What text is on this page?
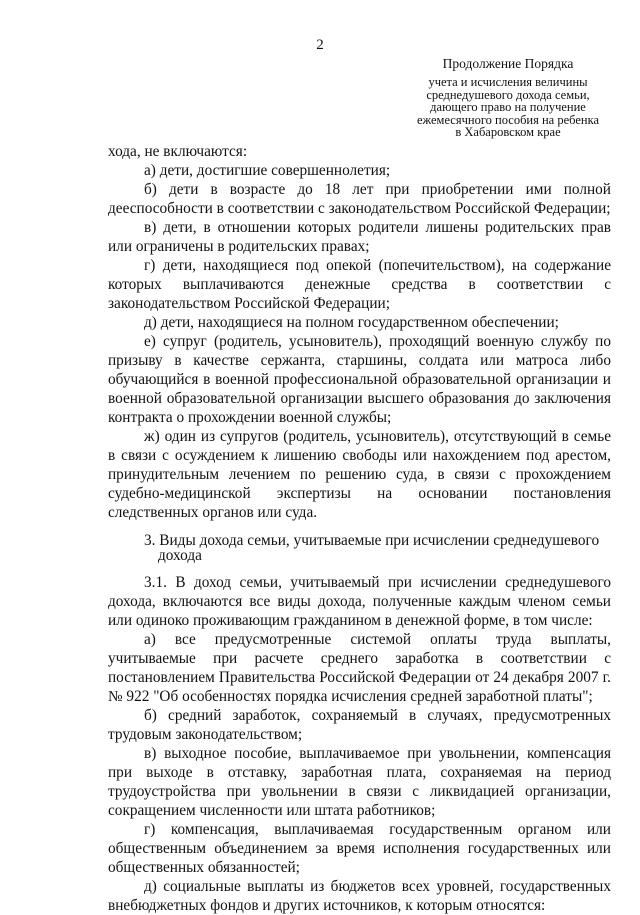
2
Продолжение Порядка
учета и исчисления величины
среднедушевого дохода семьи,
дающего право на получение
ежемесячного пособия на ребенка
в Хабаровском крае

хода, не включаются:

а) дети, достигшие совершеннолетия;

б) дети в возрасте до 18 лет при приобретении ими полной дееспособности в соответствии с законодательством Российской Федерации;

в) дети, в отношении которых родители лишены родительских прав или ограничены в родительских правах;

г) дети, находящиеся под опекой (попечительством), на содержание которых выплачиваются денежные средства в соответствии с законодательством Российской Федерации;

д) дети, находящиеся на полном государственном обеспечении;

е) супруг (родитель, усыновитель), проходящий военную службу по призыву в качестве сержанта, старшины, солдата или матроса либо обучающийся в военной профессиональной образовательной организации и военной образовательной организации высшего образования до заключения контракта о прохождении военной службы;

ж) один из супругов (родитель, усыновитель), отсутствующий в семье в связи с осуждением к лишению свободы или нахождением под арестом, принудительным лечением по решению суда, в связи с прохождением судебно-медицинской экспертизы на основании постановления следственных органов или суда.

3. Виды дохода семьи, учитываемые при исчислении среднедушевого
дохода

3.1. В доход семьи, учитываемый при исчислении среднедушевого дохода, включаются все виды дохода, полученные каждым членом семьи или одиноко проживающим гражданином в денежной форме, в том числе:

а) все предусмотренные системой оплаты труда выплаты, учитываемые при расчете среднего заработка в соответствии с постановлением Правительства Российской Федерации от 24 декабря 2007 г. № 922 "Об особенностях порядка исчисления средней заработной платы";

б) средний заработок, сохраняемый в случаях, предусмотренных трудовым законодательством;

в) выходное пособие, выплачиваемое при увольнении, компенсация при выходе в отставку, заработная плата, сохраняемая на период трудоустройства при увольнении в связи с ликвидацией организации, сокращением численности или штата работников;

г) компенсация, выплачиваемая государственным органом или общественным объединением за время исполнения государственных или общественных обязанностей;

д) социальные выплаты из бюджетов всех уровней, государственных внебюджетных фондов и других источников, к которым относятся:
